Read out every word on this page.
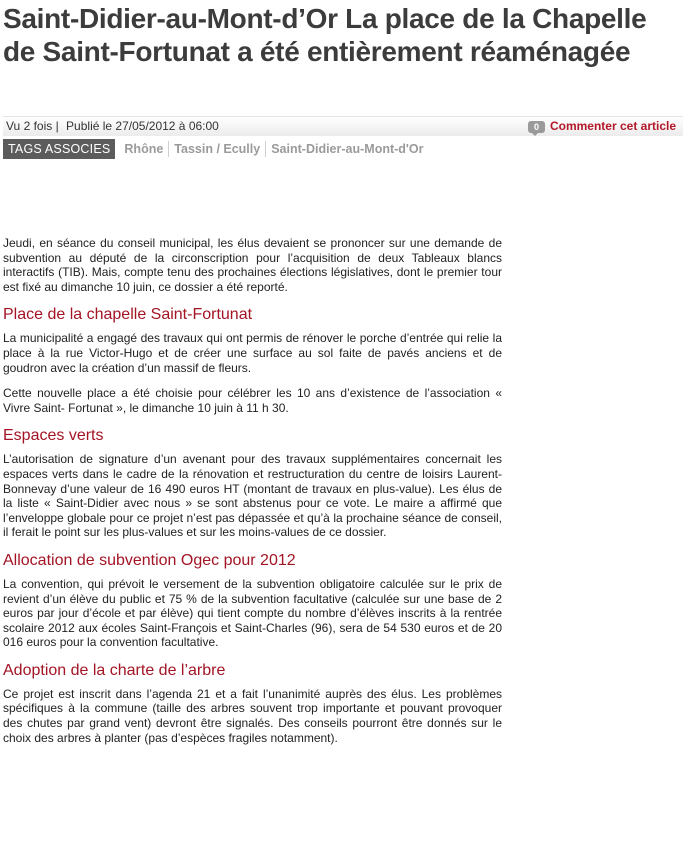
Saint-Didier-au-Mont-d’Or La place de la Chapelle de Saint-Fortunat a été entièrement réaménagée
Vu 2 fois | Publié le 27/05/2012 à 06:00	0 Commenter cet article
TAGS ASSOCIES	Rhône Tassin / Ecully Saint-Didier-au-Mont-d'Or

Jeudi, en séance du conseil municipal, les élus devaient se prononcer sur une demande de subvention au député de la circonscription pour l’acquisition de deux Tableaux blancs interactifs (TIB). Mais, compte tenu des prochaines élections législatives, dont le premier tour est fixé au dimanche 10 juin, ce dossier a été reporté.

Place de la chapelle Saint-Fortunat

La municipalité a engagé des travaux qui ont permis de rénover le porche d’entrée qui relie la place à la rue Victor-Hugo et de créer une surface au sol faite de pavés anciens et de goudron avec la création d’un massif de fleurs.

Cette nouvelle place a été choisie pour célébrer les 10 ans d’existence de l’association « Vivre Saint- Fortunat », le dimanche 10 juin à 11 h 30.

Espaces verts

L’autorisation de signature d’un avenant pour des travaux supplémentaires concernait les espaces verts dans le cadre de la rénovation et restructuration du centre de loisirs Laurent-Bonnevay d’une valeur de 16 490 euros HT (montant de travaux en plus-value). Les élus de la liste « Saint-Didier avec nous » se sont abstenus pour ce vote. Le maire a affirmé que l’enveloppe globale pour ce projet n’est pas dépassée et qu’à la prochaine séance de conseil, il ferait le point sur les plus-values et sur les moins-values de ce dossier.

Allocation de subvention Ogec pour 2012

La convention, qui prévoit le versement de la subvention obligatoire calculée sur le prix de revient d’un élève du public et 75 % de la subvention facultative (calculée sur une base de 2 euros par jour d’école et par élève) qui tient compte du nombre d’élèves inscrits à la rentrée scolaire 2012 aux écoles Saint-François et Saint-Charles (96), sera de 54 530 euros et de 20 016 euros pour la convention facultative.

Adoption de la charte de l’arbre

Ce projet est inscrit dans l’agenda 21 et a fait l’unanimité auprès des élus. Les problèmes spécifiques à la commune (taille des arbres souvent trop importante et pouvant provoquer des chutes par grand vent) devront être signalés. Des conseils pourront être donnés sur le choix des arbres à planter (pas d’espèces fragiles notamment).
